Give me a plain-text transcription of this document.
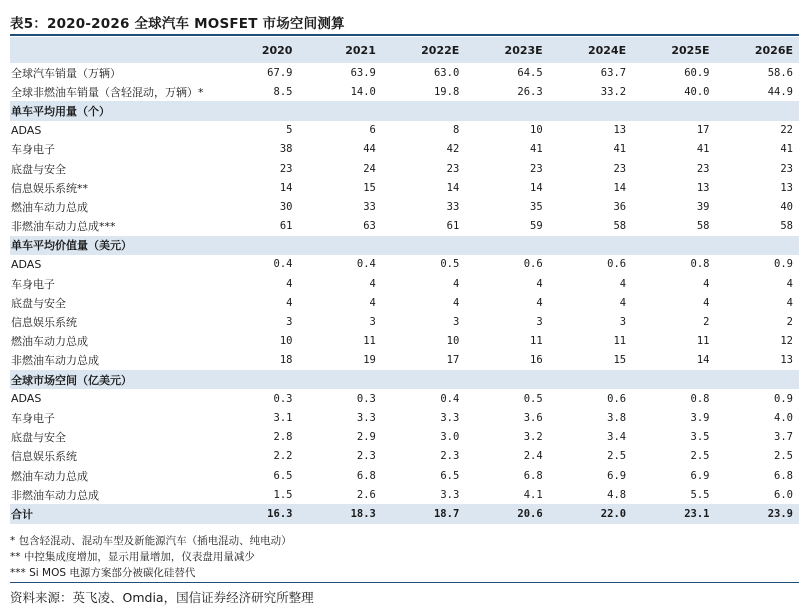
表5：2020-2026 全球汽车 MOSFET 市场空间测算
	2020	2021	2022E	2023E	2024E	2025E	2026E
全球汽车销量（万辆）	67.9	63.9	63.0	64.5	63.7	60.9	58.6
全球非燃油车销量（含轻混动，万辆）*	8.5	14.0	19.8	26.3	33.2	40.0	44.9
单车平均用量（个）							
ADAS	5	6	8	10	13	17	22
车身电子	38	44	42	41	41	41	41
底盘与安全	23	24	23	23	23	23	23
信息娱乐系统**	14	15	14	14	14	13	13
燃油车动力总成	30	33	33	35	36	39	40
非燃油车动力总成***	61	63	61	59	58	58	58
单车平均价值量（美元）							
ADAS	0.4	0.4	0.5	0.6	0.6	0.8	0.9
车身电子	4	4	4	4	4	4	4
底盘与安全	4	4	4	4	4	4	4
信息娱乐系统	3	3	3	3	3	2	2
燃油车动力总成	10	11	10	11	11	11	12
非燃油车动力总成	18	19	17	16	15	14	13
全球市场空间（亿美元）							
ADAS	0.3	0.3	0.4	0.5	0.6	0.8	0.9
车身电子	3.1	3.3	3.3	3.6	3.8	3.9	4.0
底盘与安全	2.8	2.9	3.0	3.2	3.4	3.5	3.7
信息娱乐系统	2.2	2.3	2.3	2.4	2.5	2.5	2.5
燃油车动力总成	6.5	6.8	6.5	6.8	6.9	6.9	6.8
非燃油车动力总成	1.5	2.6	3.3	4.1	4.8	5.5	6.0
合计	16.3	18.3	18.7	20.6	22.0	23.1	23.9
* 包含轻混动、混动车型及新能源汽车（插电混动、纯电动）
** 中控集成度增加，显示用量增加，仪表盘用量减少
*** Si MOS 电源方案部分被碳化硅替代
资料来源：英飞凌、Omdia，国信证券经济研究所整理
